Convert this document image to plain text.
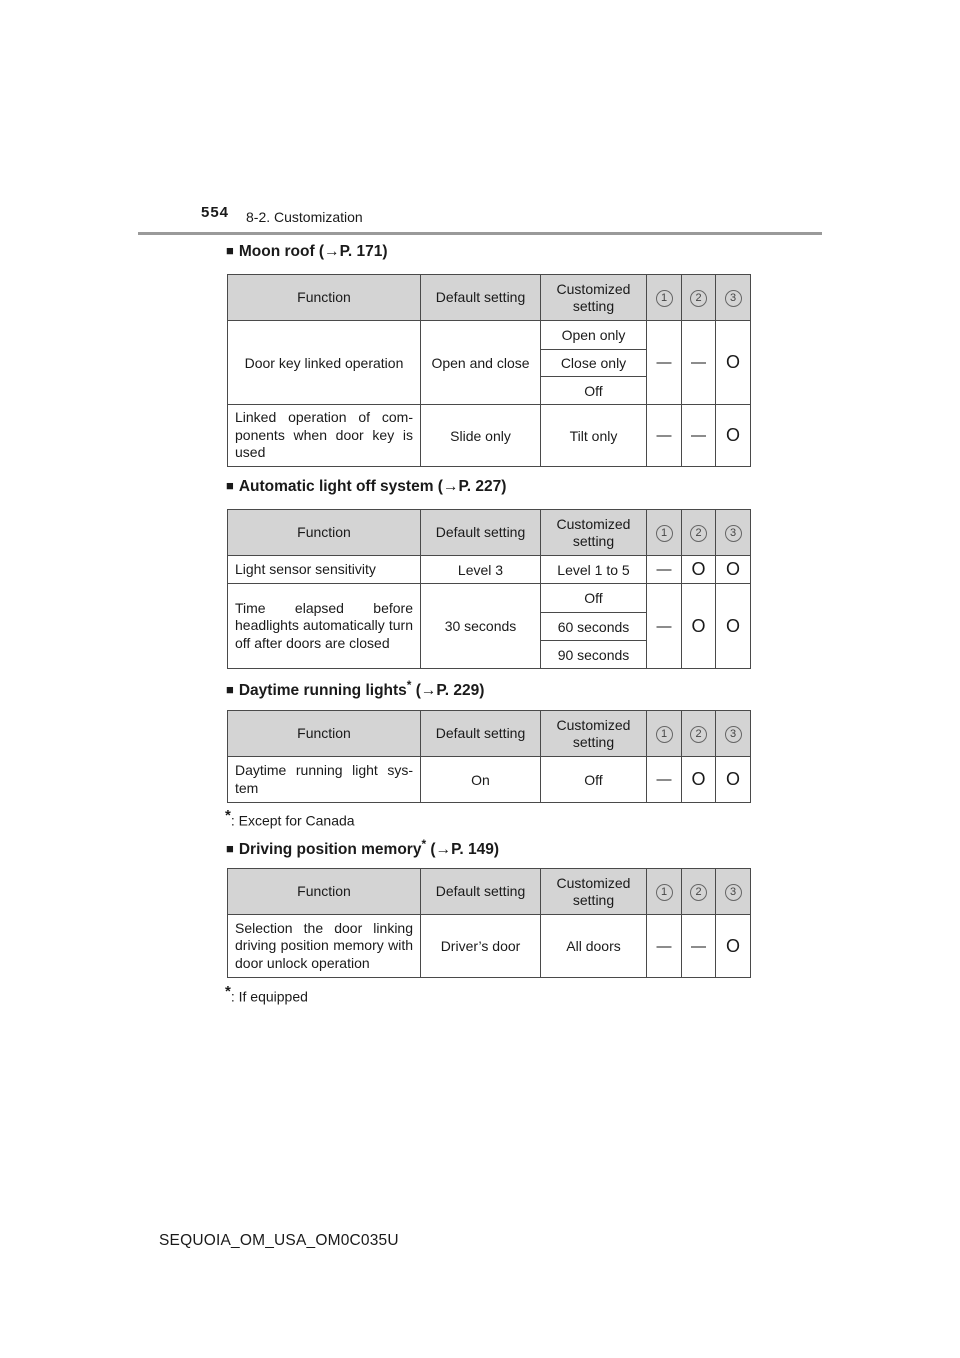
554 8-2. Customization
■ Moon roof (→P. 171)
Function	Default setting	Customized setting	1	2	3
Door key linked operation	Open and close	Open only	—	—	O
		Close only			
		Off			
Linked operation of com- ponents when door key is used	Slide only	Tilt only	—	—	O
■ Automatic light off system (→P. 227)
Function	Default setting	Customized setting	1	2	3
Light sensor sensitivity	Level 3	Level 1 to 5	—	O	O
Time elapsed before headlights automatically turn off after doors are closed	30 seconds	Off	—	O	O
		60 seconds			
		90 seconds			
■ Daytime running lights* (→P. 229)
Function	Default setting	Customized setting	1	2	3
Daytime running light sys- tem	On	Off	—	O	O
*: Except for Canada
■ Driving position memory* (→P. 149)
Function	Default setting	Customized setting	1	2	3
Selection the door linking driving position memory with door unlock operation	Driver’s door	All doors	—	—	O
*: If equipped
SEQUOIA_OM_USA_OM0C035U
